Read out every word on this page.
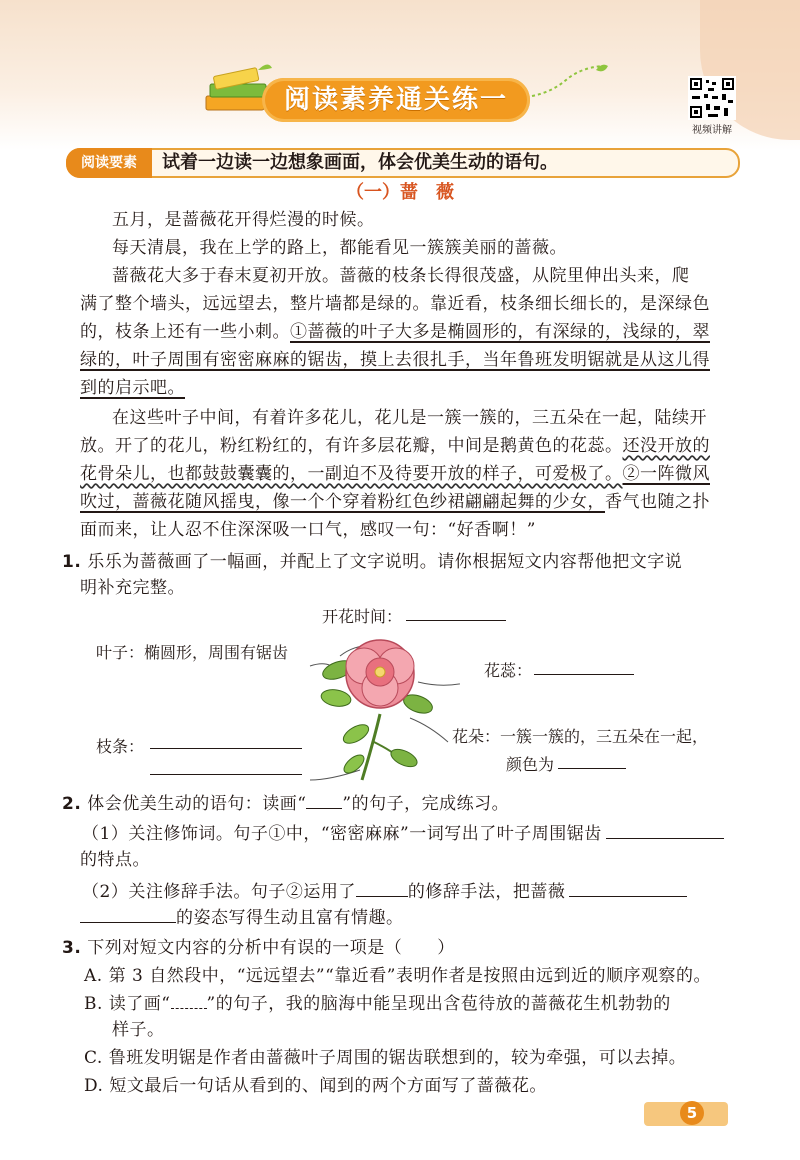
阅读素养通关练一
视频讲解
阅读要素	试着一边读一边想象画面，体会优美生动的语句。
（一）蔷　薇
五月，是蔷薇花开得烂漫的时候。
每天清晨，我在上学的路上，都能看见一簇簇美丽的蔷薇。
蔷薇花大多于春末夏初开放。蔷薇的枝条长得很茂盛，从院里伸出头来，爬
满了整个墙头，远远望去，整片墙都是绿的。靠近看，枝条细长细长的，是深绿色
的，枝条上还有一些小刺。①蔷薇的叶子大多是椭圆形的，有深绿的，浅绿的，翠
绿的，叶子周围有密密麻麻的锯齿，摸上去很扎手，当年鲁班发明锯就是从这儿得
到的启示吧。
在这些叶子中间，有着许多花儿，花儿是一簇一簇的，三五朵在一起，陆续开
放。开了的花儿，粉红粉红的，有许多层花瓣，中间是鹅黄色的花蕊。还没开放的
花骨朵儿，也都鼓鼓囊囊的，一副迫不及待要开放的样子，可爱极了。②一阵微风
吹过，蔷薇花随风摇曳，像一个个穿着粉红色纱裙翩翩起舞的少女，香气也随之扑
面而来，让人忍不住深深吸一口气，感叹一句：“好香啊！”
1. 乐乐为蔷薇画了一幅画，并配上了文字说明。请你根据短文内容帮他把文字说
明补充完整。
开花时间：
叶子：椭圆形，周围有锯齿
花蕊：
枝条：
花朵：一簇一簇的，三五朵在一起，
颜色为
2. 体会优美生动的语句：读画“ ”的句子，完成练习。
（1）关注修饰词。句子①中，“密密麻麻”一词写出了叶子周围锯齿
的特点。
（2）关注修辞手法。句子②运用了	的修辞手法，把蔷薇
的姿态写得生动且富有情趣。
3. 下列对短文内容的分析中有误的一项是（　　）
A. 第 3 自然段中，“远远望去”“靠近看”表明作者是按照由远到近的顺序观察的。
B. 读了画“ ”的句子，我的脑海中能呈现出含苞待放的蔷薇花生机勃勃的
样子。
C. 鲁班发明锯是作者由蔷薇叶子周围的锯齿联想到的，较为牵强，可以去掉。
D. 短文最后一句话从看到的、闻到的两个方面写了蔷薇花。
5
